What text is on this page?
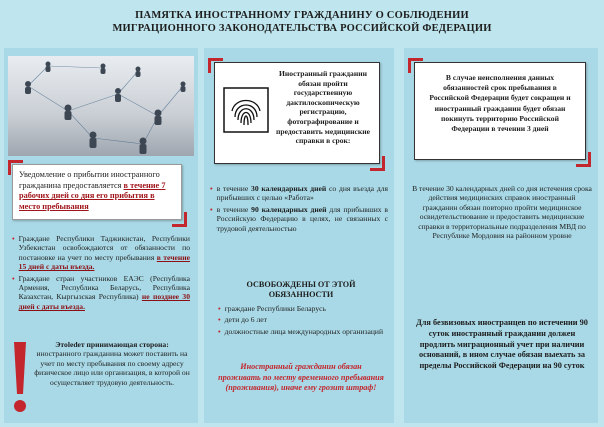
ПАМЯТКА ИНОСТРАННОМУ ГРАЖДАНИНУ О СОБЛЮДЕНИИ
МИГРАЦИОННОГО ЗАКОНОДАТЕЛЬСТВА РОССИЙСКОЙ ФЕДЕРАЦИИ
Уведомление о прибытии иностранного гражданина предоставляется в течение 7 рабочих дней со дня его прибытия в место пребывания
• Граждане Республики Таджикистан, Республики Узбекистан освобождаются от обязанности по постановке на учет по месту пребывания в течение 15 дней с даты въезда.
• Граждане стран участников ЕАЭС (Республика Армения, Республика Беларусь, Республика Казахстан, Кыргызская Республика) не позднее 30 дней с даты въезда.
Этоledет принимающая сторона:
иностранного гражданина может поставить на учет по месту пребывания по своему адресу физическое лицо или организация, в которой он осуществляет трудовую деятельность.
Иностранный гражданин обязан пройти государственную дактилоскопическую регистрацию, фотографирование и предоставить медицинские справки в срок:
• в течение 30 календарных дней со дня въезда для прибывших с целью «Работа»
• в течение 90 календарных дней для прибывших в Российскую Федерацию в целях, не связанных с трудовой деятельностью
ОСВОБОЖДЕНЫ ОТ ЭТОЙ ОБЯЗАННОСТИ
• граждане Республики Беларусь
• дети до 6 лет
• должностные лица международных организаций
Иностранный гражданин обязан проживать по месту временного пребывания (проживания), иначе ему грозит штраф!
В случае неисполнения данных обязанностей срок пребывания в Российской Федерации будет сокращен и иностранный гражданин будет обязан покинуть территорию Российской Федерации в течении 3 дней
В течение 30 календарных дней со дня истечения срока действия медицинских справок иностранный гражданин обязан повторно пройти медицинское освидетельствование и предоставить медицинские справки в территориальные подразделения МВД по Республике Мордовия на районном уровне
Для безвизовых иностранцев по истечении 90 суток иностранный гражданин должен продлить миграционный учет при наличии оснований, в ином случае обязан выехать за пределы Российской Федерации на 90 суток
